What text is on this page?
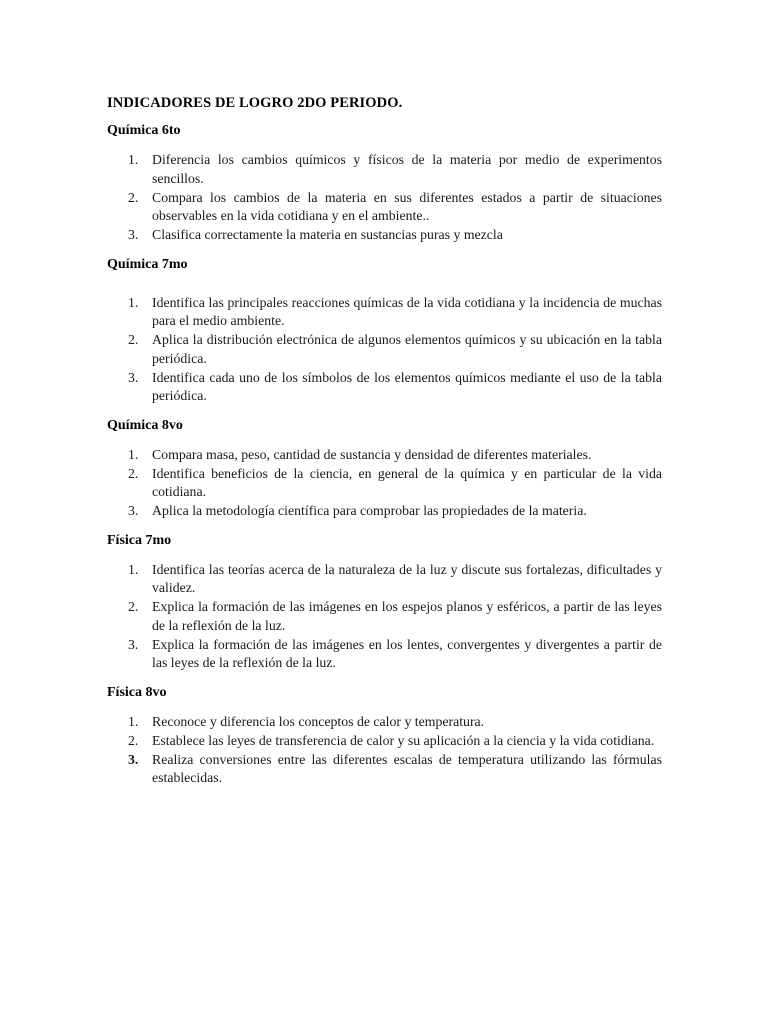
INDICADORES DE LOGRO 2DO PERIODO.
Química 6to
1. Diferencia los cambios químicos y físicos de la materia por medio de experimentos sencillos.
2. Compara los cambios de la materia en sus diferentes estados a partir de situaciones observables en la vida cotidiana y en el ambiente..
3. Clasifica correctamente la materia en sustancias puras y mezcla
Química 7mo
1. Identifica las principales reacciones químicas de la vida cotidiana y la incidencia de muchas para el medio ambiente.
2. Aplica la distribución electrónica de algunos elementos químicos y su ubicación en la tabla periódica.
3. Identifica cada uno de los símbolos de los elementos químicos mediante el uso de la tabla periódica.
Química 8vo
1. Compara masa, peso, cantidad de sustancia y densidad de diferentes materiales.
2. Identifica beneficios de la ciencia, en general de la química y en particular de la vida cotidiana.
3. Aplica la metodología científica para comprobar las propiedades de la materia.
Física 7mo
1. Identifica las teorías acerca de la naturaleza de la luz y discute sus fortalezas, dificultades y validez.
2. Explica la formación de las imágenes en los espejos planos y esféricos, a partir de las leyes de la reflexión de la luz.
3. Explica la formación de las imágenes en los lentes, convergentes y divergentes a partir de las leyes de la reflexión de la luz.
Física 8vo
1. Reconoce y diferencia los conceptos de calor y temperatura.
2. Establece las leyes de transferencia de calor y su aplicación a la ciencia y la vida cotidiana.
3. Realiza conversiones entre las diferentes escalas de temperatura utilizando las fórmulas establecidas.
